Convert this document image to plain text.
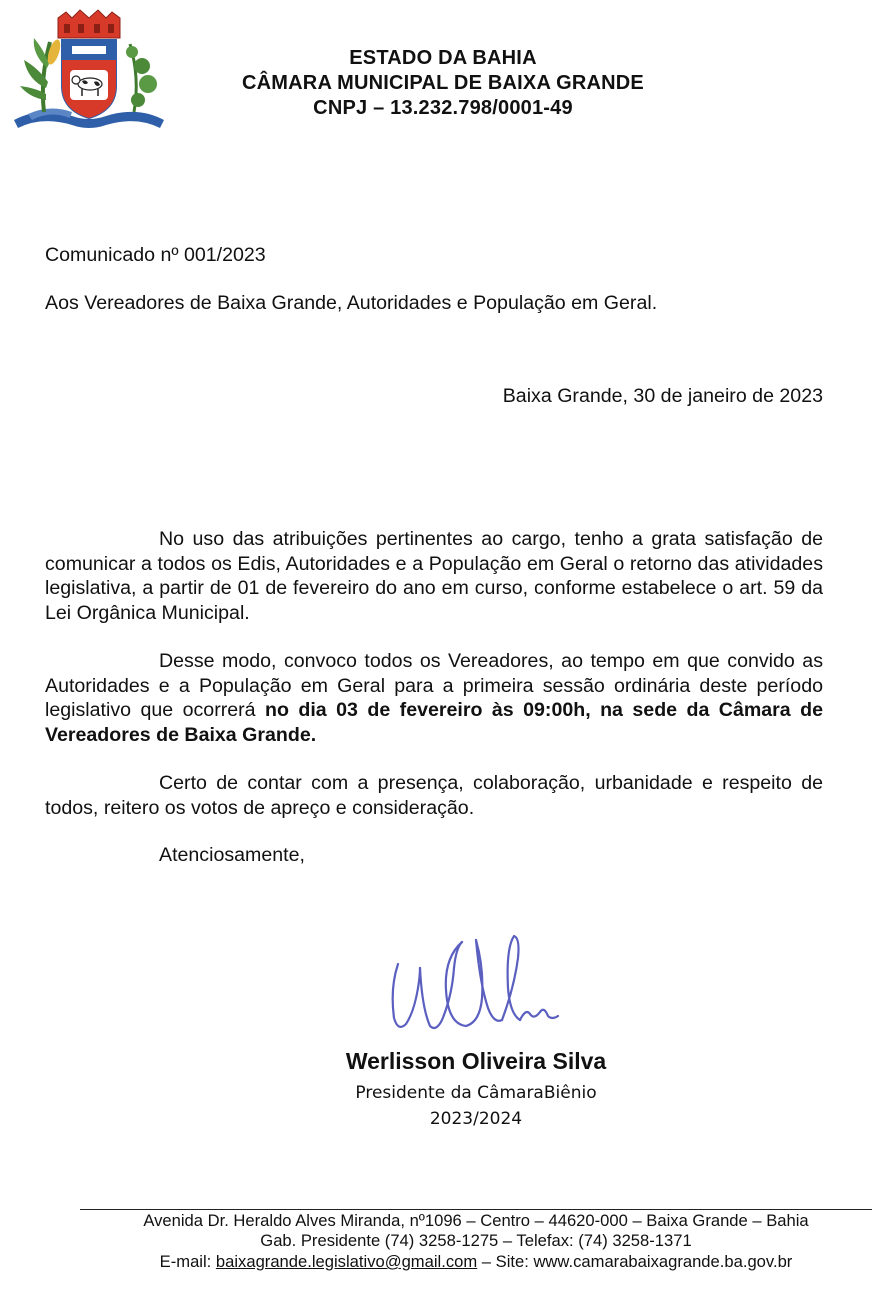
ESTADO DA BAHIA
CÂMARA MUNICIPAL DE BAIXA GRANDE
CNPJ – 13.232.798/0001-49
Comunicado nº 001/2023
Aos Vereadores de Baixa Grande, Autoridades e População em Geral.
Baixa Grande, 30 de janeiro de 2023
No uso das atribuições pertinentes ao cargo, tenho a grata satisfação de comunicar a todos os Edis, Autoridades e a População em Geral o retorno das atividades legislativa, a partir de 01 de fevereiro do ano em curso, conforme estabelece o art. 59 da Lei Orgânica Municipal.
Desse modo, convoco todos os Vereadores, ao tempo em que convido as Autoridades e a População em Geral para a primeira sessão ordinária deste período legislativo que ocorrerá no dia 03 de fevereiro às 09:00h, na sede da Câmara de Vereadores de Baixa Grande.
Certo de contar com a presença, colaboração, urbanidade e respeito de todos, reitero os votos de apreço e consideração.
Atenciosamente,
Werlisson Oliveira Silva
Presidente da CâmaraBiênio
2023/2024
Avenida Dr. Heraldo Alves Miranda, nº1096 – Centro – 44620-000 – Baixa Grande – Bahia
Gab. Presidente (74) 3258-1275 – Telefax: (74) 3258-1371
E-mail: baixagrande.legislativo@gmail.com – Site: www.camarabaixagrande.ba.gov.br
